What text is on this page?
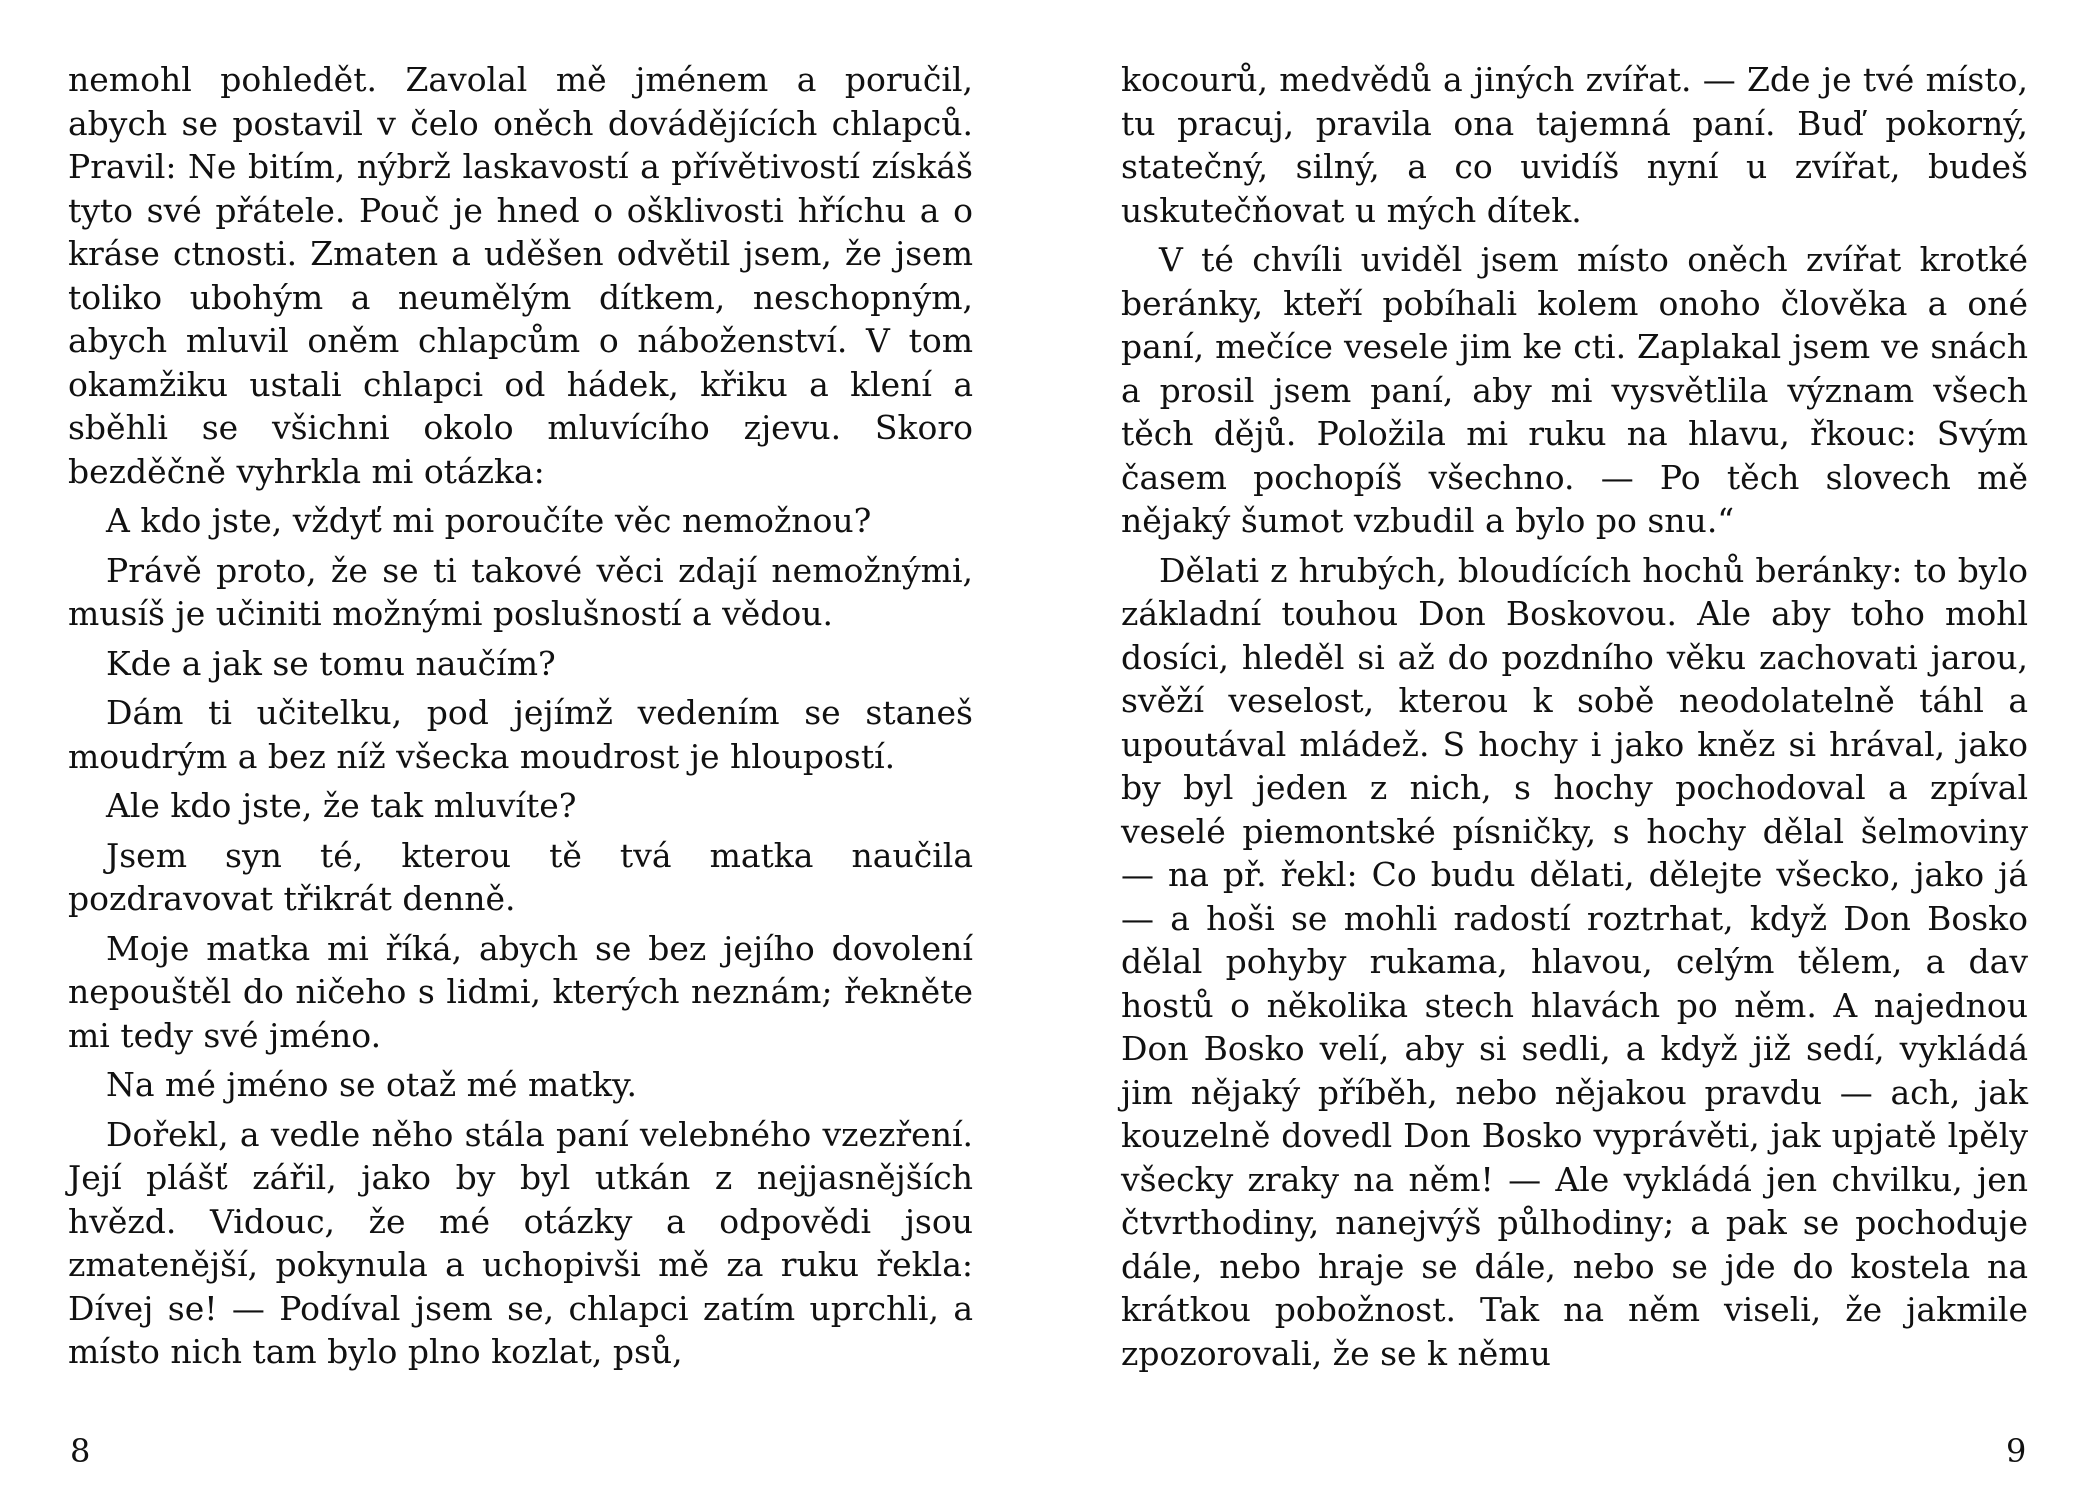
nemohl pohledět. Zavolal mě jménem a poručil, abych se postavil v čelo oněch dovádějících chlapců. Pravil: Ne bitím, nýbrž laskavostí a přívětivostí získáš tyto své přátele. Pouč je hned o ošklivosti hříchu a o kráse ctnosti. Zmaten a uděšen odvětil jsem, že jsem toliko ubohým a neumělým dítkem, neschopným, abych mluvil oněm chlapcům o náboženství. V tom okamžiku ustali chlapci od hádek, křiku a klení a sběhli se všichni okolo mluvícího zjevu. Skoro bezděčně vyhrkla mi otázka:

A kdo jste, vždyť mi poroučíte věc nemožnou?

Právě proto, že se ti takové věci zdají nemožnými, musíš je učiniti možnými poslušností a vědou.

Kde a jak se tomu naučím?

Dám ti učitelku, pod jejímž vedením se staneš moudrým a bez níž všecka moudrost je hloupostí.

Ale kdo jste, že tak mluvíte?

Jsem syn té, kterou tě tvá matka naučila pozdravovat třikrát denně.

Moje matka mi říká, abych se bez jejího dovolení nepouštěl do ničeho s lidmi, kterých neznám; řekněte mi tedy své jméno.

Na mé jméno se otaž mé matky.

Dořekl, a vedle něho stála paní velebného vzezření. Její plášť zářil, jako by byl utkán z nejjasnějších hvězd. Vidouc, že mé otázky a odpovědi jsou zmatenější, pokynula a uchopivši mě za ruku řekla: Dívej se! — Podíval jsem se, chlapci zatím uprchli, a místo nich tam bylo plno kozlat, psů,

8

kocourů, medvědů a jiných zvířat. — Zde je tvé místo, tu pracuj, pravila ona tajemná paní. Buď pokorný, statečný, silný, a co uvidíš nyní u zvířat, budeš uskutečňovat u mých dítek.

V té chvíli uviděl jsem místo oněch zvířat krotké beránky, kteří pobíhali kolem onoho člověka a oné paní, mečíce vesele jim ke cti. Zaplakal jsem ve snách a prosil jsem paní, aby mi vysvětlila význam všech těch dějů. Položila mi ruku na hlavu, řkouc: Svým časem pochopíš všechno. — Po těch slovech mě nějaký šumot vzbudil a bylo po snu.“

Dělati z hrubých, bloudících hochů beránky: to bylo základní touhou Don Boskovou. Ale aby toho mohl dosíci, hleděl si až do pozdního věku zachovati jarou, svěží veselost, kterou k sobě neodolatelně táhl a upoutával mládež. S hochy i jako kněz si hrával, jako by byl jeden z nich, s hochy pochodoval a zpíval veselé piemontské písničky, s hochy dělal šelmoviny — na př. řekl: Co budu dělati, dělejte všecko, jako já — a hoši se mohli radostí roztrhat, když Don Bosko dělal pohyby rukama, hlavou, celým tělem, a dav hostů o několika stech hlavách po něm. A najednou Don Bosko velí, aby si sedli, a když již sedí, vykládá jim nějaký příběh, nebo nějakou pravdu — ach, jak kouzelně dovedl Don Bosko vyprávěti, jak upjatě lpěly všecky zraky na něm! — Ale vykládá jen chvilku, jen čtvrthodiny, nanejvýš půlhodiny; a pak se pochoduje dále, nebo hraje se dále, nebo se jde do kostela na krátkou pobožnost. Tak na něm viseli, že jakmile zpozorovali, že se k němu

9
